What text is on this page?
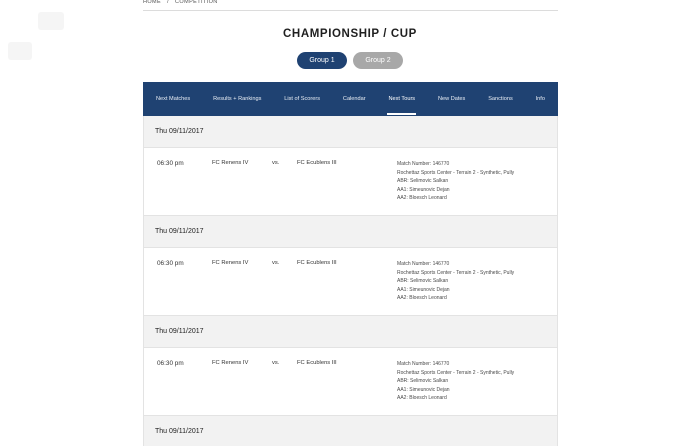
HOME / COMPETITION
CHAMPIONSHIP / CUP
Group 1	Group 2
Next Matches	Results + Rankings	List of Scorers	Calendar	Next Tours	New Dates	Sanctions	Info
Thu 09/11/2017
06:30 pm	FC Renens IV	vs.	FC Ecublens III	Match Number: 146770
Rochettaz Sports Center - Terrain 2 - Synthetic, Pully
ABR: Selimovic Salkan
AA1: Simeunovic Dejan
AA2: Bloesch Leonard
Thu 09/11/2017
06:30 pm	FC Renens IV	vs.	FC Ecublens III	Match Number: 146770
Rochettaz Sports Center - Terrain 2 - Synthetic, Pully
ABR: Selimovic Salkan
AA1: Simeunovic Dejan
AA2: Bloesch Leonard
Thu 09/11/2017
06:30 pm	FC Renens IV	vs.	FC Ecublens III	Match Number: 146770
Rochettaz Sports Center - Terrain 2 - Synthetic, Pully
ABR: Selimovic Salkan
AA1: Simeunovic Dejan
AA2: Bloesch Leonard
Thu 09/11/2017
